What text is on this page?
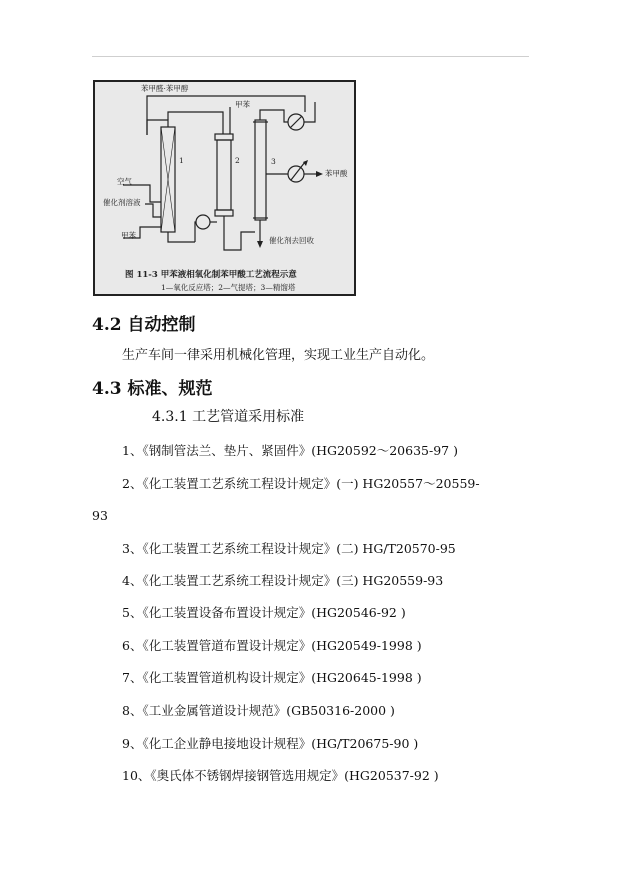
苯甲醛·苯甲醇
甲苯
空气
催化剂溶液
甲苯
1	2	3
苯甲酸
催化剂去回收
图 11-3 甲苯液相氧化制苯甲酸工艺流程示意
1—氧化反应塔；2—气提塔；3—精馏塔
4.2 自动控制
生产车间一律采用机械化管理，实现工业生产自动化。
4.3 标准、规范
4.3.1 工艺管道采用标准
1、《钢制管法兰、垫片、紧固件》(HG20592～20635-97 )
2、《化工装置工艺系统工程设计规定》(一) HG20557～20559-
93
3、《化工装置工艺系统工程设计规定》(二) HG/T20570-95
4、《化工装置工艺系统工程设计规定》(三) HG20559-93
5、《化工装置设备布置设计规定》(HG20546-92 )
6、《化工装置管道布置设计规定》(HG20549-1998 )
7、《化工装置管道机构设计规定》(HG20645-1998 )
8、《工业金属管道设计规范》(GB50316-2000 )
9、《化工企业静电接地设计规程》(HG/T20675-90 )
10、《奥氏体不锈钢焊接钢管选用规定》(HG20537-92 )
